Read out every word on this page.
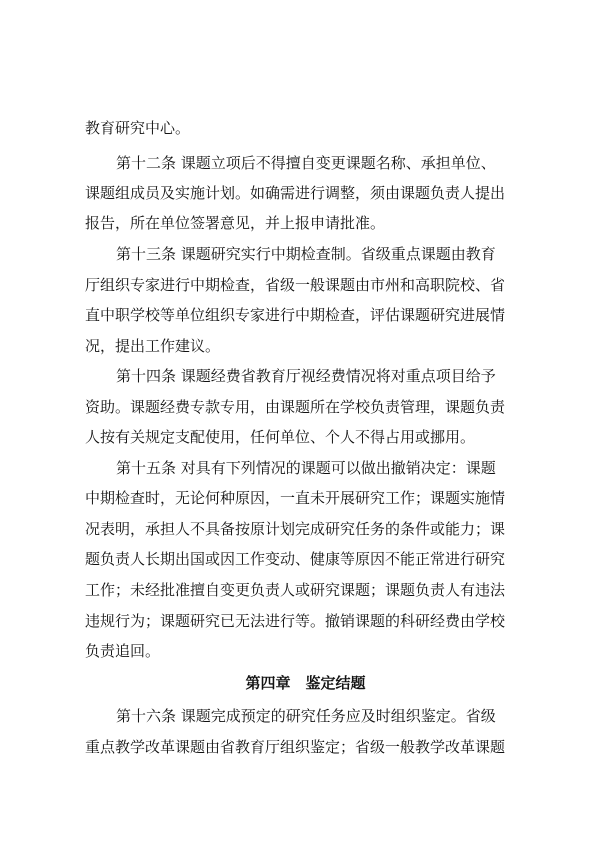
教育研究中心。
第十二条 课题立项后不得擅自变更课题名称、承担单位、
课题组成员及实施计划。如确需进行调整，须由课题负责人提出
报告，所在单位签署意见，并上报申请批准。
第十三条 课题研究实行中期检查制。省级重点课题由教育
厅组织专家进行中期检查，省级一般课题由市州和高职院校、省
直中职学校等单位组织专家进行中期检查，评估课题研究进展情
况，提出工作建议。
第十四条 课题经费省教育厅视经费情况将对重点项目给予
资助。课题经费专款专用，由课题所在学校负责管理，课题负责
人按有关规定支配使用，任何单位、个人不得占用或挪用。
第十五条 对具有下列情况的课题可以做出撤销决定：课题
中期检查时，无论何种原因，一直未开展研究工作；课题实施情
况表明，承担人不具备按原计划完成研究任务的条件或能力；课
题负责人长期出国或因工作变动、健康等原因不能正常进行研究
工作；未经批准擅自变更负责人或研究课题；课题负责人有违法
违规行为；课题研究已无法进行等。撤销课题的科研经费由学校
负责追回。
第四章　鉴定结题
第十六条 课题完成预定的研究任务应及时组织鉴定。省级
重点教学改革课题由省教育厅组织鉴定；省级一般教学改革课题
